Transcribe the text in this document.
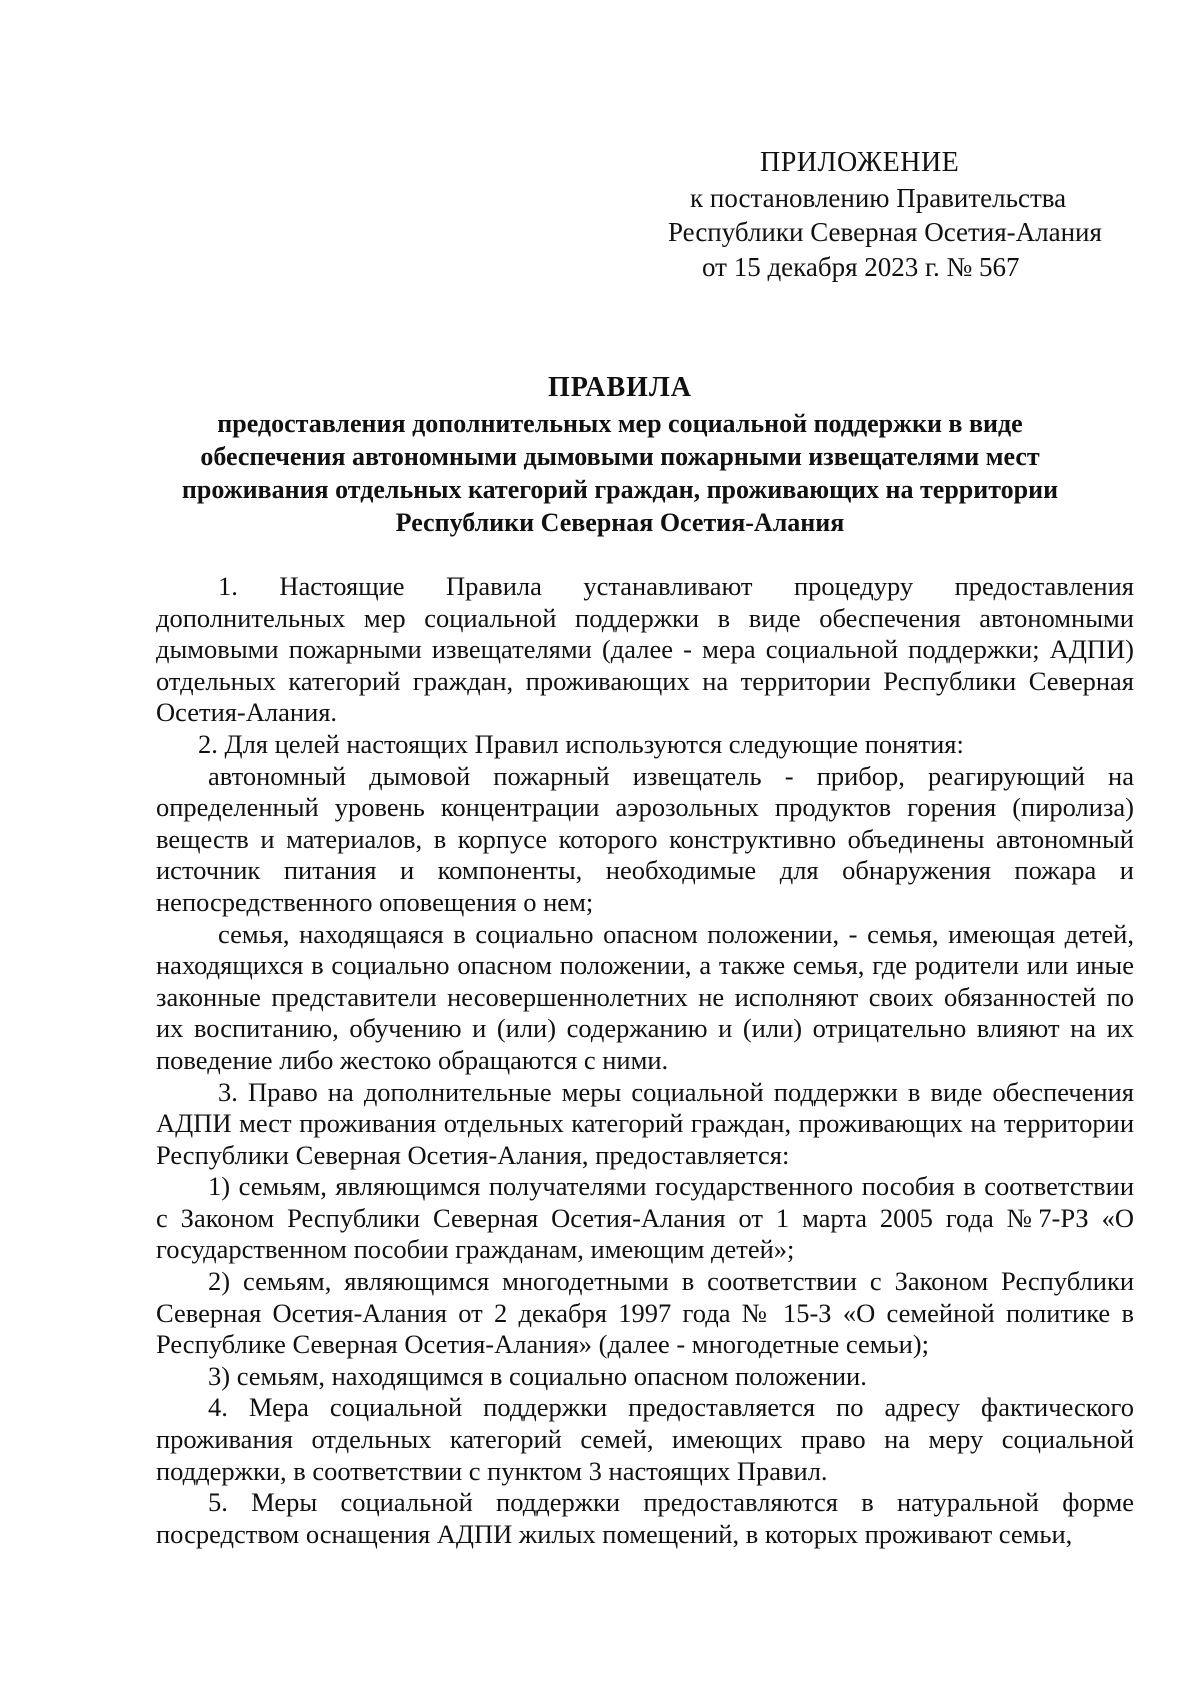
ПРИЛОЖЕНИЕ
к постановлению Правительства
Республики Северная Осетия-Алания
от 15 декабря 2023 г. № 567
ПРАВИЛА
предоставления дополнительных мер социальной поддержки в виде
обеспечения автономными дымовыми пожарными извещателями мест
проживания отдельных категорий граждан, проживающих на территории
Республики Северная Осетия-Алания

1. Настоящие Правила устанавливают процедуру предоставления дополнительных мер социальной поддержки в виде обеспечения автономными дымовыми пожарными извещателями (далее - мера социальной поддержки; АДПИ) отдельных категорий граждан, проживающих на территории Республики Северная Осетия-Алания.

2. Для целей настоящих Правил используются следующие понятия:

автономный дымовой пожарный извещатель - прибор, реагирующий на определенный уровень концентрации аэрозольных продуктов горения (пиролиза) веществ и материалов, в корпусе которого конструктивно объединены автономный источник питания и компоненты, необходимые для обнаружения пожара и непосредственного оповещения о нем;

семья, находящаяся в социально опасном положении, - семья, имеющая детей, находящихся в социально опасном положении, а также семья, где родители или иные законные представители несовершеннолетних не исполняют своих обязанностей по их воспитанию, обучению и (или) содержанию и (или) отрицательно влияют на их поведение либо жестоко обращаются с ними.

3. Право на дополнительные меры социальной поддержки в виде обеспечения АДПИ мест проживания отдельных категорий граждан, проживающих на территории Республики Северная Осетия-Алания, предоставляется:

1) семьям, являющимся получателями государственного пособия в соответствии с Законом Республики Северная Осетия-Алания от 1 марта 2005 года №7-РЗ «О государственном пособии гражданам, имеющим детей»;

2) семьям, являющимся многодетными в соответствии с Законом Республики Северная Осетия-Алания от 2 декабря 1997 года № 15-З «О семейной политике в Республике Северная Осетия-Алания» (далее - многодетные семьи);

3) семьям, находящимся в социально опасном положении.

4. Мера социальной поддержки предоставляется по адресу фактического проживания отдельных категорий семей, имеющих право на меру социальной поддержки, в соответствии с пунктом 3 настоящих Правил.

5. Меры социальной поддержки предоставляются в натуральной форме посредством оснащения АДПИ жилых помещений, в которых проживают семьи,
